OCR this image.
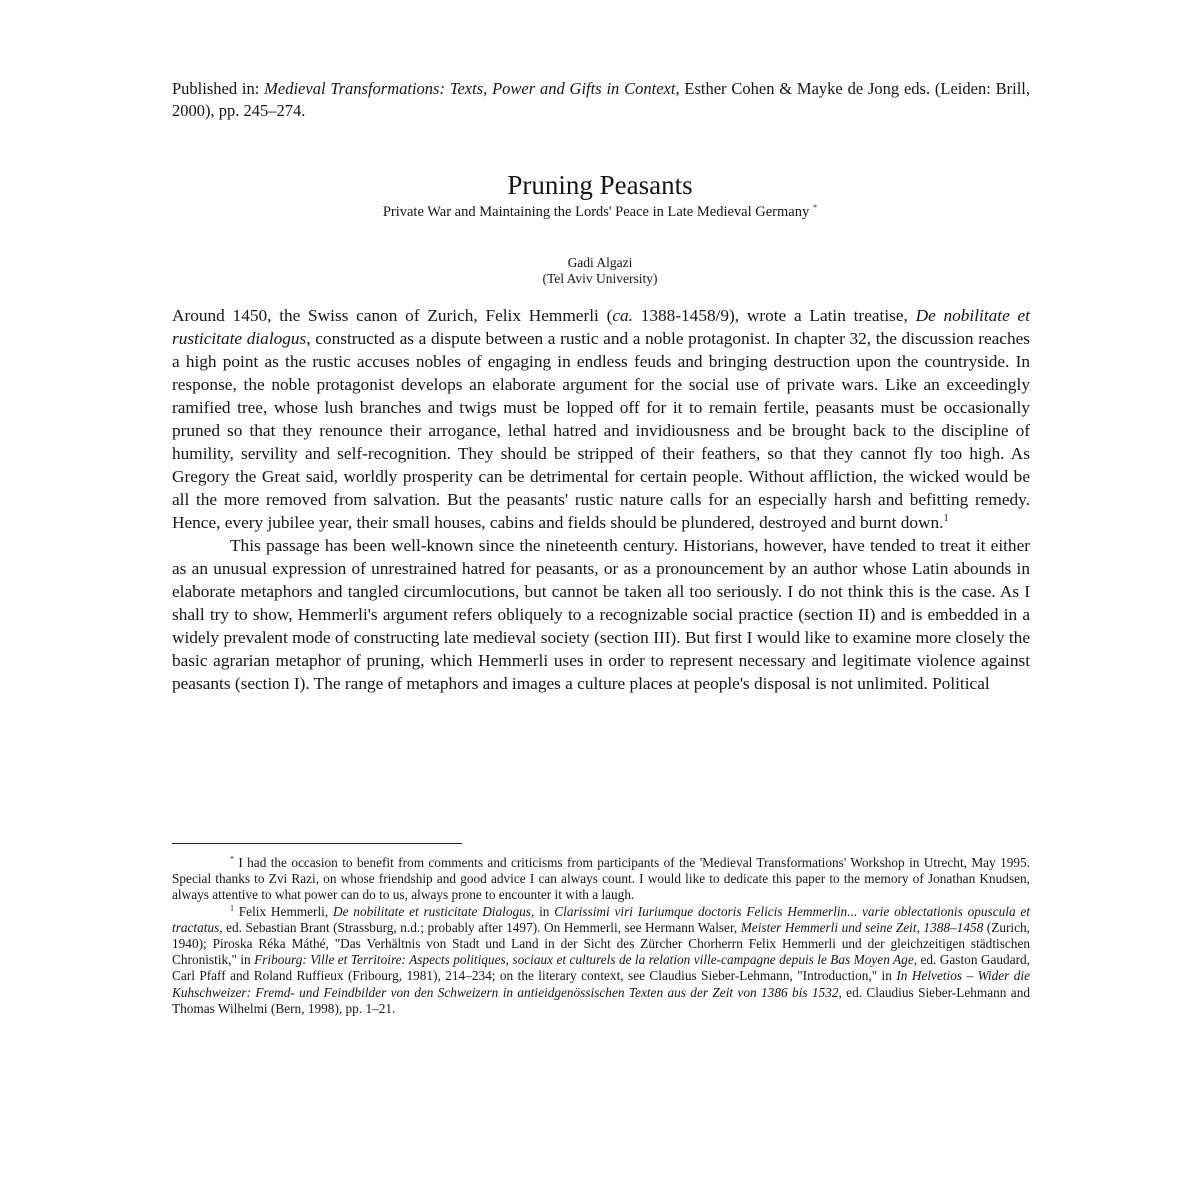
Published in: Medieval Transformations: Texts, Power and Gifts in Context, Esther Cohen & Mayke de Jong eds. (Leiden: Brill, 2000), pp. 245–274.
Pruning Peasants
Private War and Maintaining the Lords' Peace in Late Medieval Germany *
Gadi Algazi
(Tel Aviv University)

Around 1450, the Swiss canon of Zurich, Felix Hemmerli (ca. 1388-1458/9), wrote a Latin treatise, De nobilitate et rusticitate dialogus, constructed as a dispute between a rustic and a noble protagonist. In chapter 32, the discussion reaches a high point as the rustic accuses nobles of engaging in endless feuds and bringing destruction upon the countryside. In response, the noble protagonist develops an elaborate argument for the social use of private wars. Like an exceedingly ramified tree, whose lush branches and twigs must be lopped off for it to remain fertile, peasants must be occasionally pruned so that they renounce their arrogance, lethal hatred and invidiousness and be brought back to the discipline of humility, servility and self-recognition. They should be stripped of their feathers, so that they cannot fly too high. As Gregory the Great said, worldly prosperity can be detrimental for certain people. Without affliction, the wicked would be all the more removed from salvation. But the peasants' rustic nature calls for an especially harsh and befitting remedy. Hence, every jubilee year, their small houses, cabins and fields should be plundered, destroyed and burnt down.$^1$

This passage has been well-known since the nineteenth century. Historians, however, have tended to treat it either as an unusual expression of unrestrained hatred for peasants, or as a pronouncement by an author whose Latin abounds in elaborate metaphors and tangled circumlocutions, but cannot be taken all too seriously. I do not think this is the case. As I shall try to show, Hemmerli's argument refers obliquely to a recognizable social practice (section II) and is embedded in a widely prevalent mode of constructing late medieval society (section III). But first I would like to examine more closely the basic agrarian metaphor of pruning, which Hemmerli uses in order to represent necessary and legitimate violence against peasants (section I). The range of metaphors and images a culture places at people's disposal is not unlimited. Political

* I had the occasion to benefit from comments and criticisms from participants of the 'Medieval Transformations' Workshop in Utrecht, May 1995. Special thanks to Zvi Razi, on whose friendship and good advice I can always count. I would like to dedicate this paper to the memory of Jonathan Knudsen, always attentive to what power can do to us, always prone to encounter it with a laugh.

$^1$ Felix Hemmerli, De nobilitate et rusticitate Dialogus, in Clarissimi viri Iuriumque doctoris Felicis Hemmerlin... varie oblectationis opuscula et tractatus, ed. Sebastian Brant (Strassburg, n.d.; probably after 1497). On Hemmerli, see Hermann Walser, Meister Hemmerli und seine Zeit, 1388–1458 (Zurich, 1940); Piroska Réka Máthé, "Das Verhältnis von Stadt und Land in der Sicht des Zürcher Chorherrn Felix Hemmerli und der gleichzeitigen städtischen Chronistik," in Fribourg: Ville et Territoire: Aspects politiques, sociaux et culturels de la relation ville-campagne depuis le Bas Moyen Age, ed. Gaston Gaudard, Carl Pfaff and Roland Ruffieux (Fribourg, 1981), 214–234; on the literary context, see Claudius Sieber-Lehmann, "Introduction," in In Helvetios – Wider die Kuhschweizer: Fremd- und Feindbilder von den Schweizern in antieidgenössischen Texten aus der Zeit von 1386 bis 1532, ed. Claudius Sieber-Lehmann and Thomas Wilhelmi (Bern, 1998), pp. 1–21.
